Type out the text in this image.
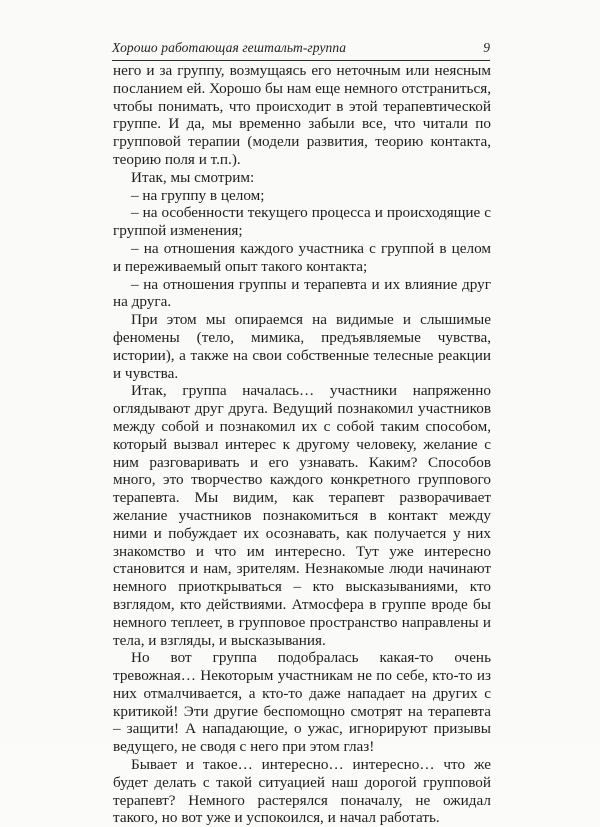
Хорошо работающая гештальт-группа	9

него и за группу, возмущаясь его неточным или неясным посланием ей. Хорошо бы нам еще немного отстраниться, чтобы понимать, что происходит в этой терапевтической группе. И да, мы временно забыли все, что читали по групповой терапии (модели развития, теорию контакта, теорию поля и т.п.).

Итак, мы смотрим:

– на группу в целом;

– на особенности текущего процесса и происходящие с группой изменения;

– на отношения каждого участника с группой в целом и переживаемый опыт такого контакта;

– на отношения группы и терапевта и их влияние друг на друга.

При этом мы опираемся на видимые и слышимые феномены (тело, мимика, предъявляемые чувства, истории), а также на свои собственные телесные реакции и чувства.

Итак, группа началась… участники напряженно оглядывают друг друга. Ведущий познакомил участников между собой и познакомил их с собой таким способом, который вызвал интерес к другому человеку, желание с ним разговаривать и его узнавать. Каким? Способов много, это творчество каждого конкретного группового терапевта. Мы видим, как терапевт разворачивает желание участников познакомиться в контакт между ними и побуждает их осознавать, как получается у них знакомство и что им интересно. Тут уже интересно становится и нам, зрителям. Незнакомые люди начинают немного приоткрываться – кто высказываниями, кто взглядом, кто действиями. Атмосфера в группе вроде бы немного теплеет, в групповое пространство направлены и тела, и взгляды, и высказывания.

Но вот группа подобралась какая-то очень тревожная… Некоторым участникам не по себе, кто-то из них отмалчивается, а кто-то даже нападает на других с критикой! Эти другие беспомощно смотрят на терапевта – защити! А нападающие, о ужас, игнорируют призывы ведущего, не сводя с него при этом глаз!

Бывает и такое… интересно… интересно… что же будет делать с такой ситуацией наш дорогой групповой терапевт? Немного растерялся поначалу, не ожидал такого, но вот уже и успокоился, и начал работать.
